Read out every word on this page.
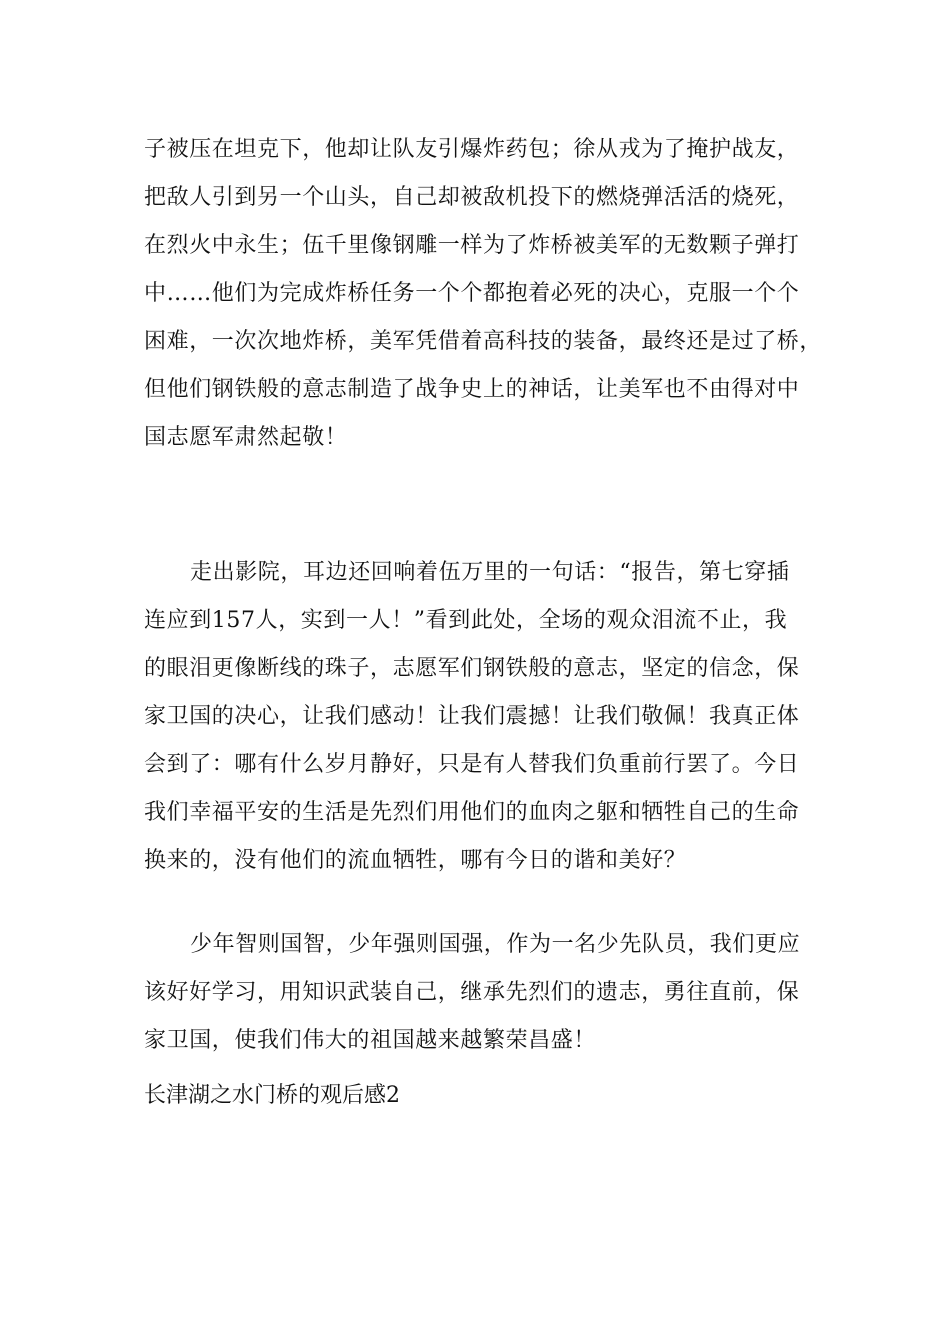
子被压在坦克下，他却让队友引爆炸药包；徐从戎为了掩护战友，
把敌人引到另一个山头，自己却被敌机投下的燃烧弹活活的烧死，
在烈火中永生；伍千里像钢雕一样为了炸桥被美军的无数颗子弹打
中……他们为完成炸桥任务一个个都抱着必死的决心，克服一个个
困难，一次次地炸桥，美军凭借着高科技的装备，最终还是过了桥，
但他们钢铁般的意志制造了战争史上的神话，让美军也不由得对中
国志愿军肃然起敬！
走出影院，耳边还回响着伍万里的一句话：“报告，第七穿插
连应到157人，实到一人！”看到此处，全场的观众泪流不止，我
的眼泪更像断线的珠子，志愿军们钢铁般的意志，坚定的信念，保
家卫国的决心，让我们感动！让我们震撼！让我们敬佩！我真正体
会到了：哪有什么岁月静好，只是有人替我们负重前行罢了。今日
我们幸福平安的生活是先烈们用他们的血肉之躯和牺牲自己的生命
换来的，没有他们的流血牺牲，哪有今日的谐和美好？
少年智则国智，少年强则国强，作为一名少先队员，我们更应
该好好学习，用知识武装自己，继承先烈们的遗志，勇往直前，保
家卫国，使我们伟大的祖国越来越繁荣昌盛！
长津湖之水门桥的观后感2
